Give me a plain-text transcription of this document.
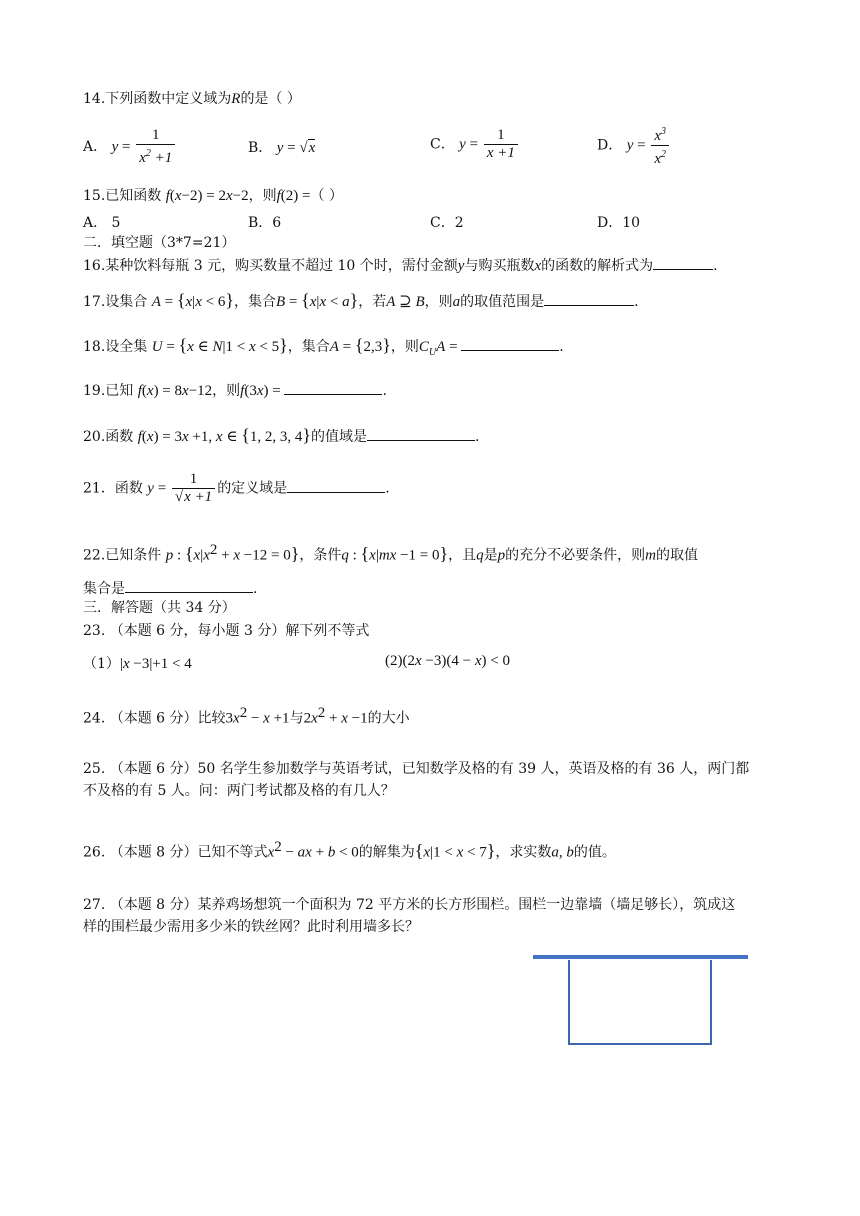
14.下列函数中定义域为R的是（ ）
A． $y = \frac{1}{x^2 +1}$	B． y = √x	C． $y = \frac{1}{x +1}$	D． $y = \frac{x^3}{x^2}$
15.已知函数 f(x−2) = 2x−2，则f(2) =（ ）
A． 5	B．6	C．2	D．10
二．填空题（3*7=21）
16.某种饮料每瓶 3 元，购买数量不超过 10 个时，需付金额y与购买瓶数x的函数的解析式为	.
17.设集合 A = {x|x < 6}，集合B = {x|x < a}，若A ⊇ B，则a的取值范围是	.
18.设全集 U = {x ∈ N|1 < x < 5}，集合A = {2,3}，则$C_UA$ =	.
19.已知 f(x) = 8x−12，则f(3x) =	.
20.函数 f(x) = 3x +1, x ∈ {1, 2, 3, 4}的值域是	.
21．函数 $y = \frac{1}{√x +1}$ 的定义域是	.
22.已知条件 p : $\{x|x^2 + x -12 = 0\}$，条件q : {x|mx −1 = 0}，且q是p的充分不必要条件，则m的取值
集合是	.
三．解答题（共 34 分）
23. （本题 6 分，每小题 3 分）解下列不等式
（1）|x −3|+1 < 4	(2)(2x −3)(4 − x) < 0
24. （本题 6 分）比较$3x^2 - x +1$与$2x^2 + x -1$的大小
25. （本题 6 分）50 名学生参加数学与英语考试，已知数学及格的有 39 人，英语及格的有 36 人，两门都
不及格的有 5 人。问：两门考试都及格的有几人？
26. （本题 8 分）已知不等式$x^2$ − ax + b < 0的解集为{x|1 < x < 7}，求实数a, b的值。
27. （本题 8 分）某养鸡场想筑一个面积为 72 平方米的长方形围栏。围栏一边靠墙（墙足够长），筑成这
样的围栏最少需用多少米的铁丝网？此时利用墙多长？
